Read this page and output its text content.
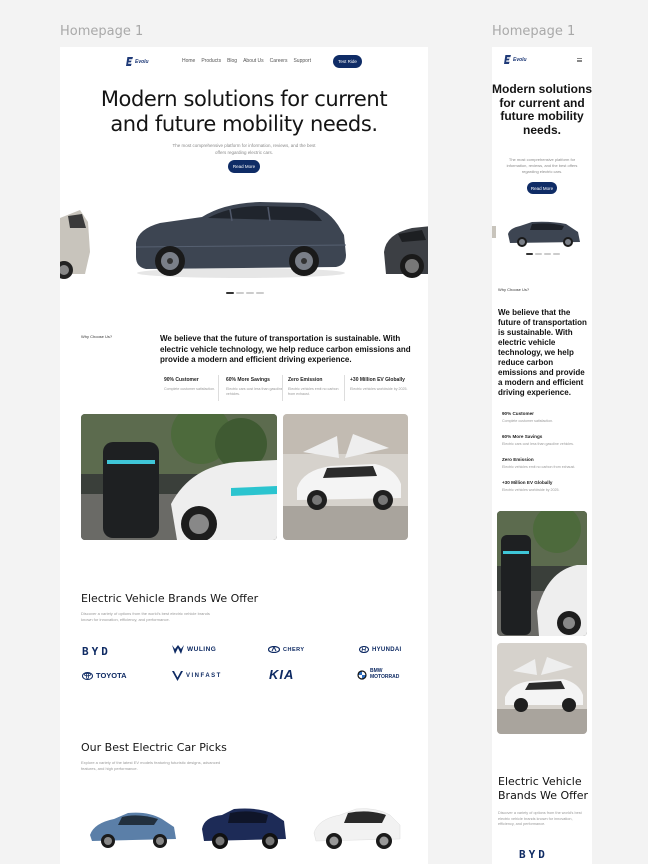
Homepage 1	Homepage 1
Evolu	Home Products Blog About Us Careers Support	Test Ride
Modern solutions for current
and future mobility needs.
The most comprehensive platform for information, reviews, and the best
offers regarding electric cars.
Read More
Why Choose Us?	We believe that the future of transportation is sustainable. With electric vehicle technology, we help reduce carbon emissions and provide a modern and efficient driving experience.
90% Customer
Complete customer satisfaction.
60% More Savings
Electric cars cost less than gasoline vehicles.
Zero Emission
Electric vehicles emit no carbon from exhaust.
+30 Million EV Globally
Electric vehicles worldwide by 2025.
Electric Vehicle Brands We Offer
Discover a variety of options from the world's best electric vehicle brands
known for innovation, efficiency, and performance.
BYD	WULING	CHERY	HYUNDAI
TOYOTA	VINFAST	KIA	BMW MOTORRAD
Our Best Electric Car Picks
Explore a variety of the latest EV models featuring futuristic designs, advanced
features, and high performance.
Evolu
Modern solutions for current and future mobility needs.
The most comprehensive platform for information, reviews, and the best offers regarding electric cars.
Read More
Why Choose Us?
We believe that the future of transportation is sustainable. With electric vehicle technology, we help reduce carbon emissions and provide a modern and efficient driving experience.
90% Customer
Complete customer satisfaction.
60% More Savings
Electric cars cost less than gasoline vehicles.
Zero Emission
Electric vehicles emit no carbon from exhaust.
+30 Million EV Globally
Electric vehicles worldwide by 2025.
Electric Vehicle Brands We Offer
Discover a variety of options from the world's best electric vehicle brands known for innovation, efficiency, and performance.
BYD
